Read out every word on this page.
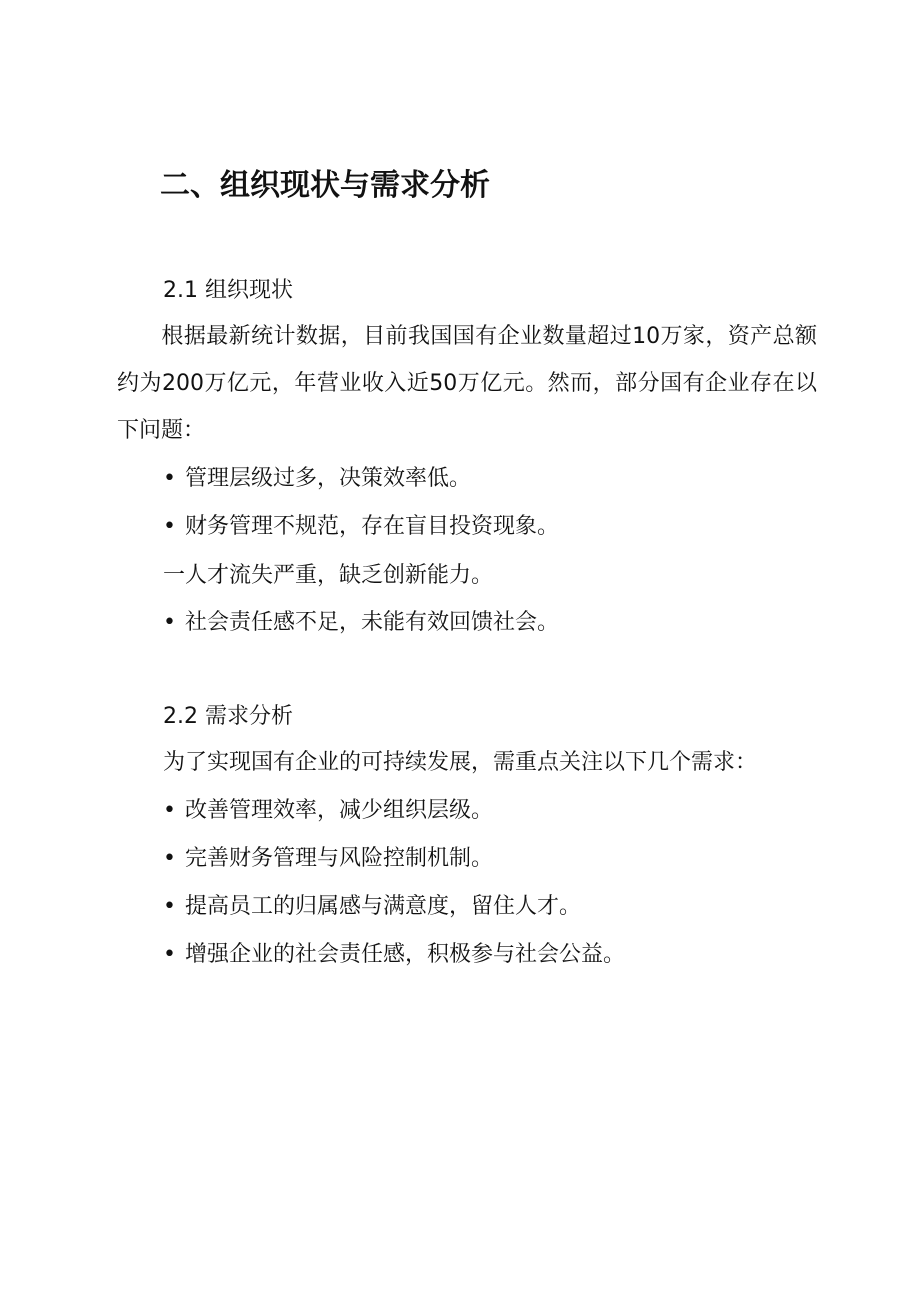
二、组织现状与需求分析
2.1 组织现状

根据最新统计数据，目前我国国有企业数量超过10万家，资产总额约为200万亿元，年营业收入近50万亿元。然而，部分国有企业存在以下问题：

• 管理层级过多，决策效率低。
• 财务管理不规范，存在盲目投资现象。
一人才流失严重，缺乏创新能力。
• 社会责任感不足，未能有效回馈社会。
2.2 需求分析
为了实现国有企业的可持续发展，需重点关注以下几个需求：
• 改善管理效率，减少组织层级。
• 完善财务管理与风险控制机制。
• 提高员工的归属感与满意度，留住人才。
• 增强企业的社会责任感，积极参与社会公益。
